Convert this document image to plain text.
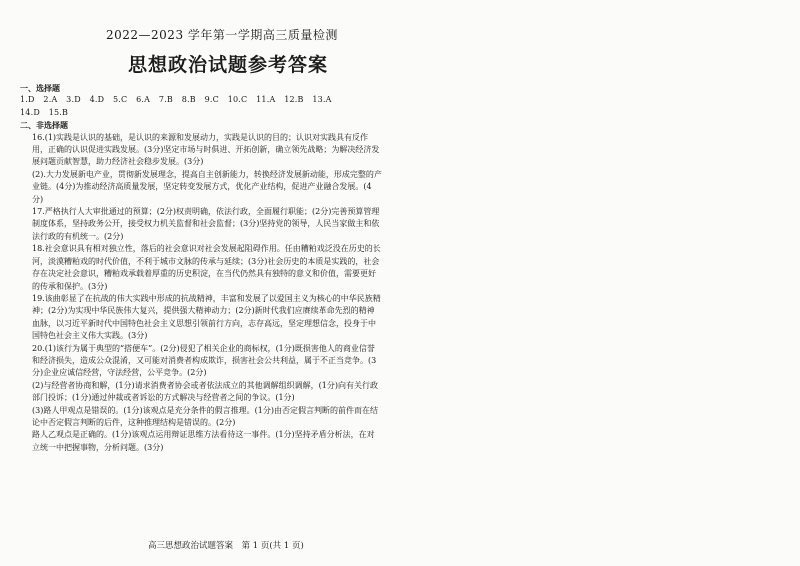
2022—2023 学年第一学期高三质量检测
思想政治试题参考答案
一、选择题
1.D 2.A 3.D 4.D 5.C 6.A 7.B 8.B 9.C 10.C 11.A 12.B 13.A
14.D 15.B
二、非选择题

16.(1)实践是认识的基础，是认识的来源和发展动力，实践是认识的目的；认识对实践具有反作用，正确的认识促进实践发展。(3分)坚定市场与时俱进、开拓创新，确立领先战略；为解决经济发展问题贡献智慧，助力经济社会稳步发展。(3分)

(2).大力发展新电产业，贯彻新发展理念，提高自主创新能力，转换经济发展新动能，形成完整的产业链。(4分)为推动经济高质量发展，坚定转变发展方式，优化产业结构，促进产业融合发展。(4分)

17.严格执行人大审批通过的预算；(2分)权责明确，依法行政，全面履行职能；(2分)完善预算管理制度体系，坚持政务公开，接受权力机关监督和社会监督；(3分)坚持党的领导，人民当家做主和依法行政的有机统一。(2分)

18.社会意识具有相对独立性，落后的社会意识对社会发展起阻碍作用。任由糟粕戏泛没在历史的长河，淡漠糟粕戏的时代价值，不利于城市文脉的传承与延续；(3分)社会历史的本质是实践的，社会存在决定社会意识，糟粕戏承载着厚重的历史积淀，在当代仍然具有独特的意义和价值，需要更好的传承和保护。(3分)

19.该曲彰显了在抗战的伟大实践中形成的抗战精神，丰富和发展了以爱国主义为核心的中华民族精神；(2分)为实现中华民族伟大复兴，提供强大精神动力；(2分)新时代我们应赓续革命先烈的精神血脉，以习近平新时代中国特色社会主义思想引领前行方向，志存高远，坚定理想信念，投身于中国特色社会主义伟大实践。(3分)

20.(1)该行为属于典型的“搭便车”。(2分)侵犯了相关企业的商标权，(1分)既损害他人的商业信誉和经济损失，造成公众混淆，又可能对消费者构成欺诈，损害社会公共利益，属于不正当竞争。(3分)企业应诚信经营，守法经营，公平竞争。(2分)

(2)与经营者协商和解，(1分)请求消费者协会或者依法成立的其他调解组织调解，(1分)向有关行政部门投诉；(1分)通过仲裁或者诉讼的方式解决与经营者之间的争议。(1分)

(3)路人甲观点是错误的。(1分)该观点是充分条件的假言推理。(1分)由否定假言判断的前件而在结论中否定假言判断的后件，这种推理结构是错误的。(2分)

路人乙观点是正确的。(1分)该观点运用辩证思维方法看待这一事件。(1分)坚持矛盾分析法，在对立统一中把握事物，分析问题。(3分)

高三思想政治试题答案　第 1 页(共 1 页)
